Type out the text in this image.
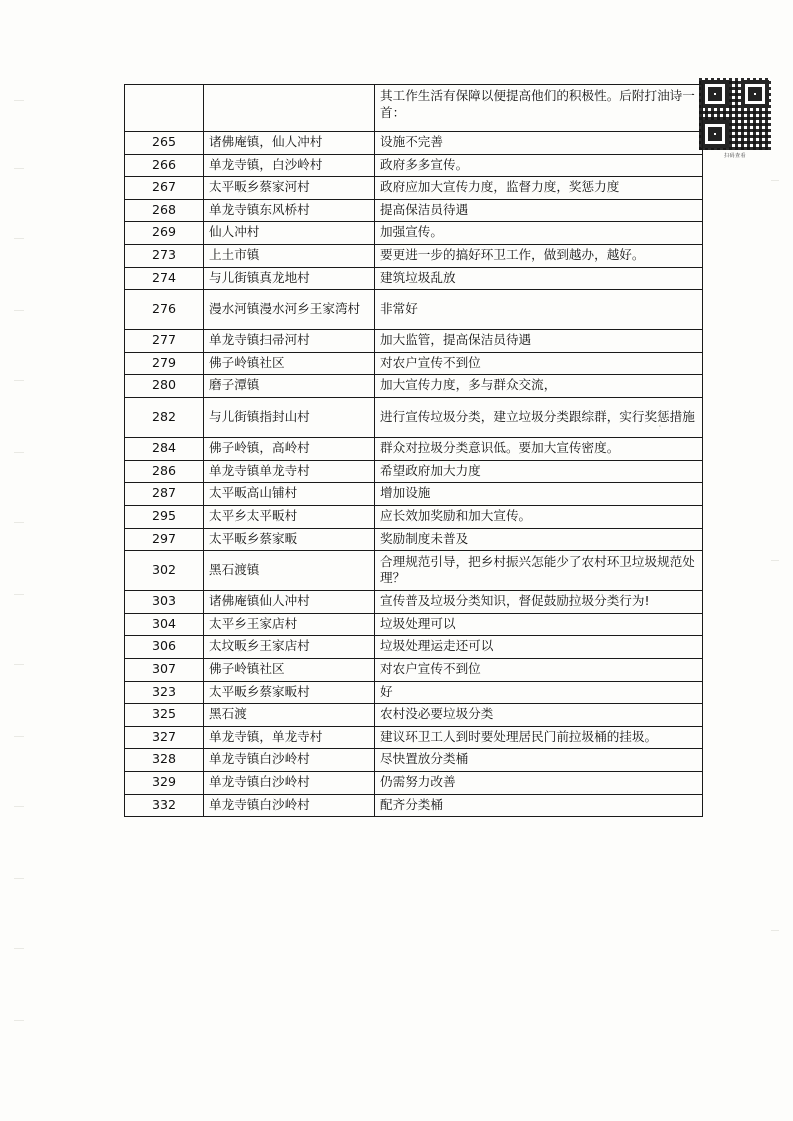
扫码查看
'
		其工作生活有保障以便提高他们的积极性。后附打油诗一首：
265	诸佛庵镇，仙人冲村	设施不完善
266	单龙寺镇，白沙岭村	政府多多宣传。
267	太平畈乡蔡家河村	政府应加大宣传力度，监督力度，奖惩力度
268	单龙寺镇东风桥村	提高保洁员待遇
269	仙人冲村	加强宣传。
273	上土市镇	要更进一步的搞好环卫工作，做到越办，越好。
274	与儿街镇真龙地村	建筑垃圾乱放
276	漫水河镇漫水河乡王家湾村	非常好
277	单龙寺镇扫帚河村	加大监管，提高保洁员待遇
279	佛子岭镇社区	对农户宣传不到位
280	磨子潭镇	加大宣传力度，多与群众交流，
282	与儿街镇指封山村	进行宣传垃圾分类，建立垃圾分类跟综群，实行奖惩措施
284	佛子岭镇，高岭村	群众对拉圾分类意识低。要加大宣传密度。
286	单龙寺镇单龙寺村	希望政府加大力度
287	太平畈高山铺村	增加设施
295	太平乡太平畈村	应长效加奖励和加大宣传。
297	太平畈乡蔡家畈	奖励制度未普及
302	黑石渡镇	合理规范引导，把乡村振兴怎能少了农村环卫垃圾规范处理？
303	诸佛庵镇仙人冲村	宣传普及垃圾分类知识，督促鼓励拉圾分类行为!
304	太平乡王家店村	垃圾处理可以
306	太坟畈乡王家店村	垃圾处理运走还可以
307	佛子岭镇社区	对农户宣传不到位
323	太平畈乡蔡家畈村	好
325	黑石渡	农村没必要垃圾分类
327	单龙寺镇，单龙寺村	建议环卫工人到时要处理居民门前拉圾桶的挂圾。
328	单龙寺镇白沙岭村	尽快置放分类桶
329	单龙寺镇白沙岭村	仍需努力改善
332	单龙寺镇白沙岭村	配齐分类桶
